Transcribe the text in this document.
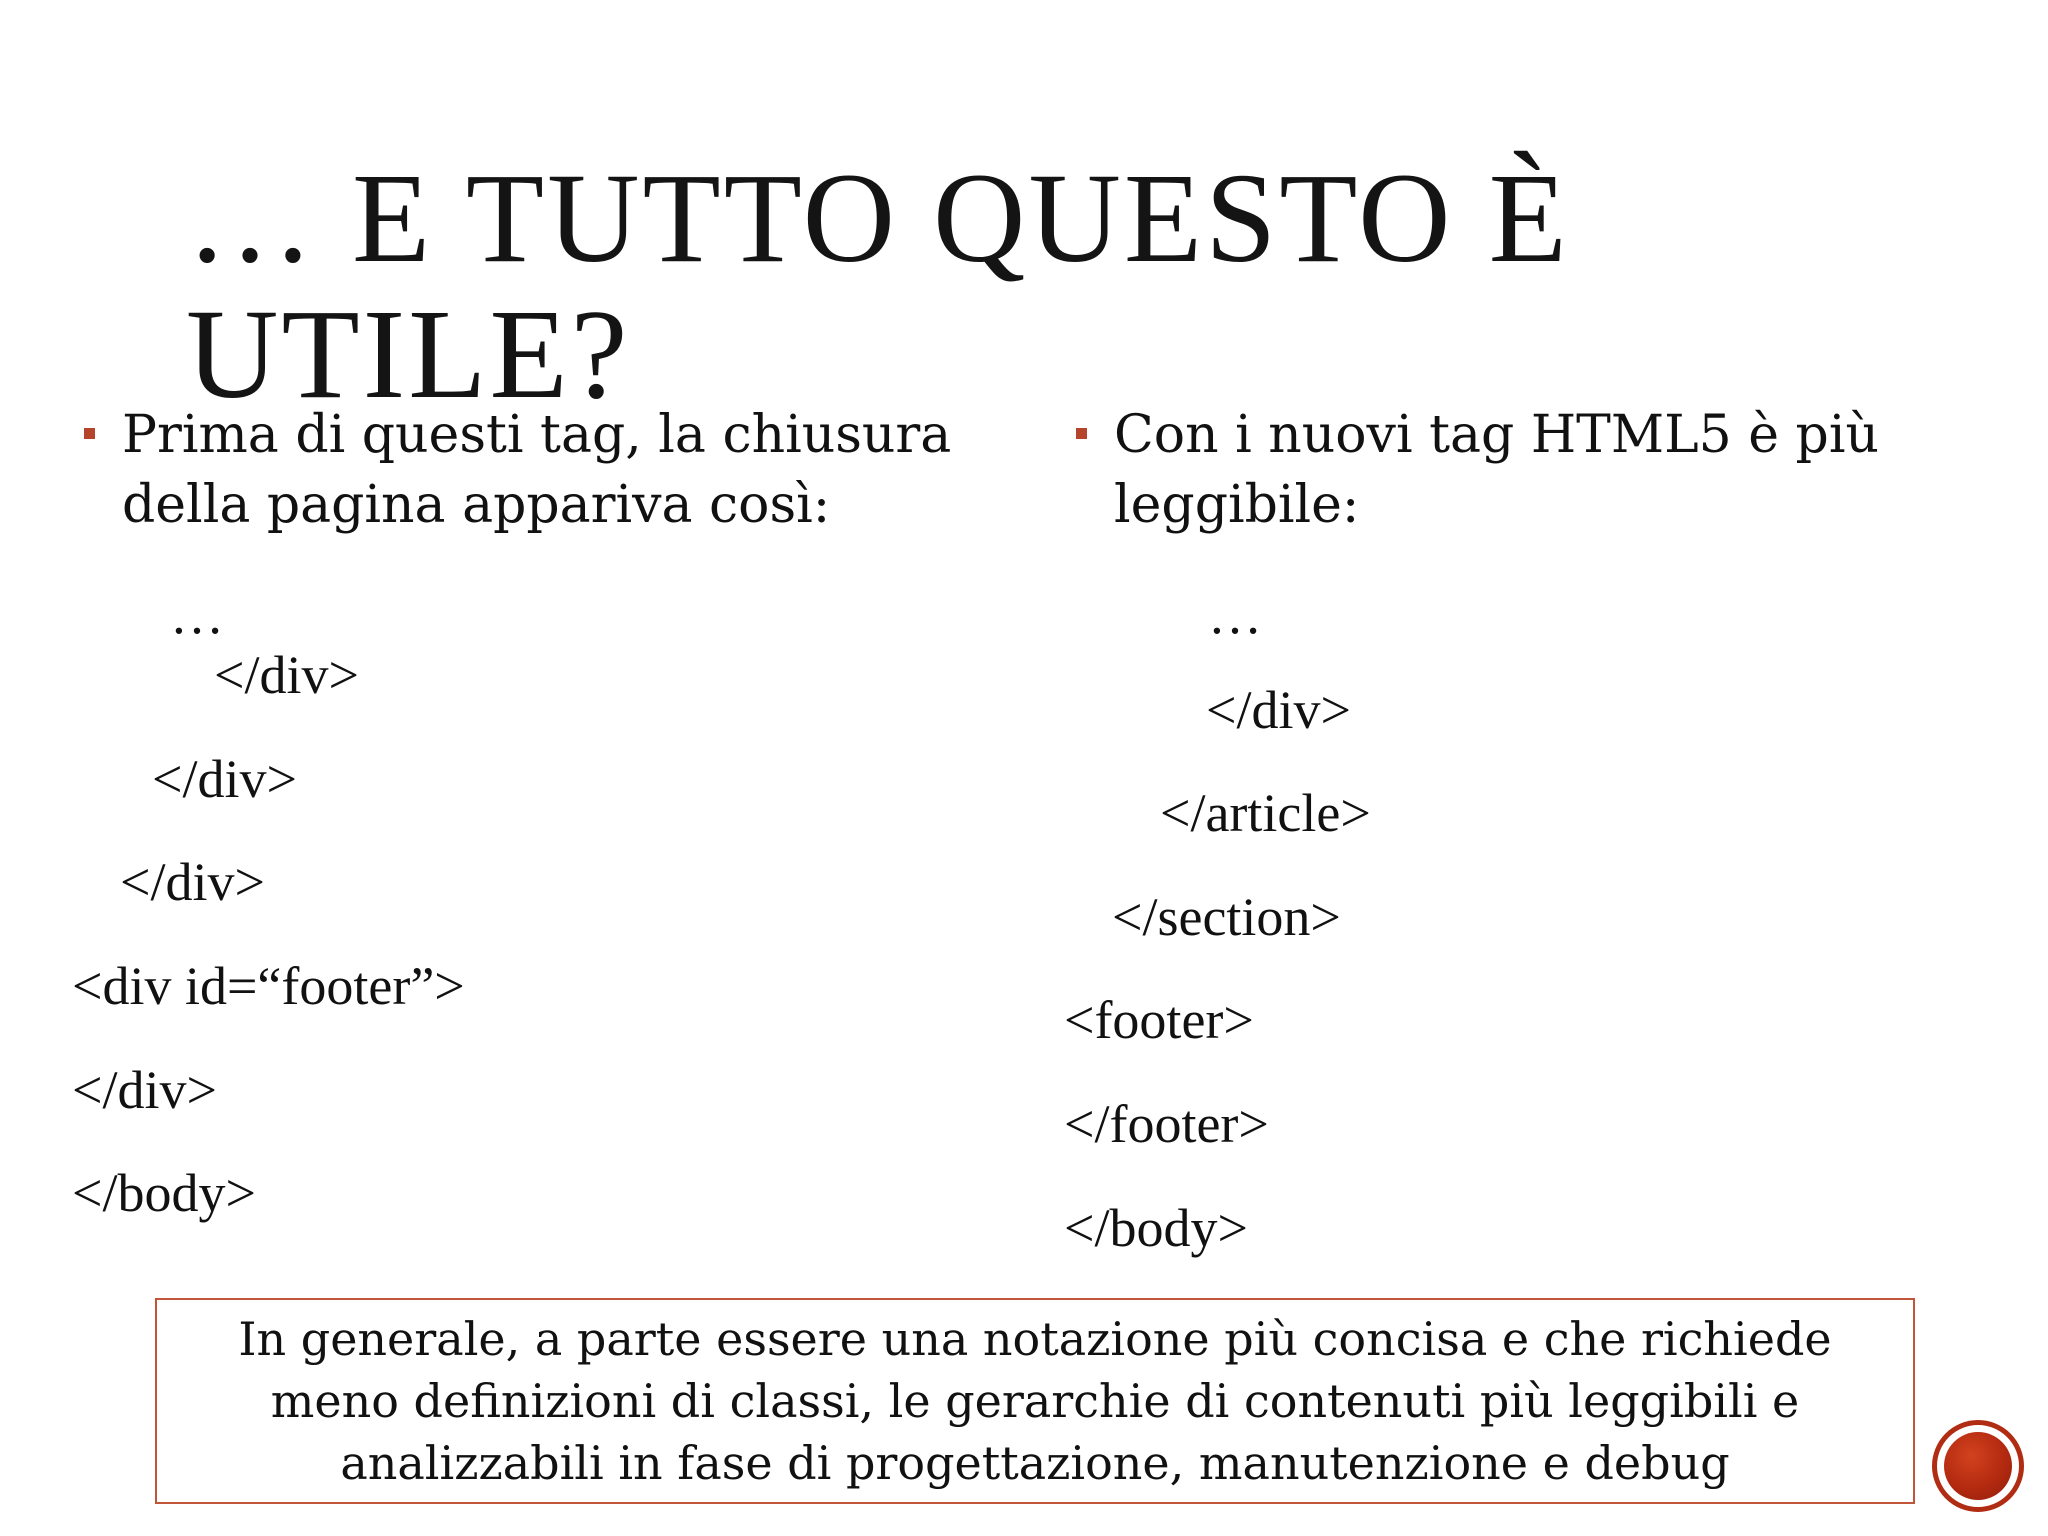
… E TUTTO QUESTO È
UTILE?
Prima di questi tag, la chiusura della pagina appariva così:
…
</div>
</div>
</div>
<div id=“footer”>
</div>
</body>
Con i nuovi tag HTML5 è più leggibile:
…
</div>
</article>
</section>
<footer>
</footer>
</body>
In generale, a parte essere una notazione più concisa e che richiede meno definizioni di classi, le gerarchie di contenuti più leggibili e analizzabili in fase di progettazione, manutenzione e debug
